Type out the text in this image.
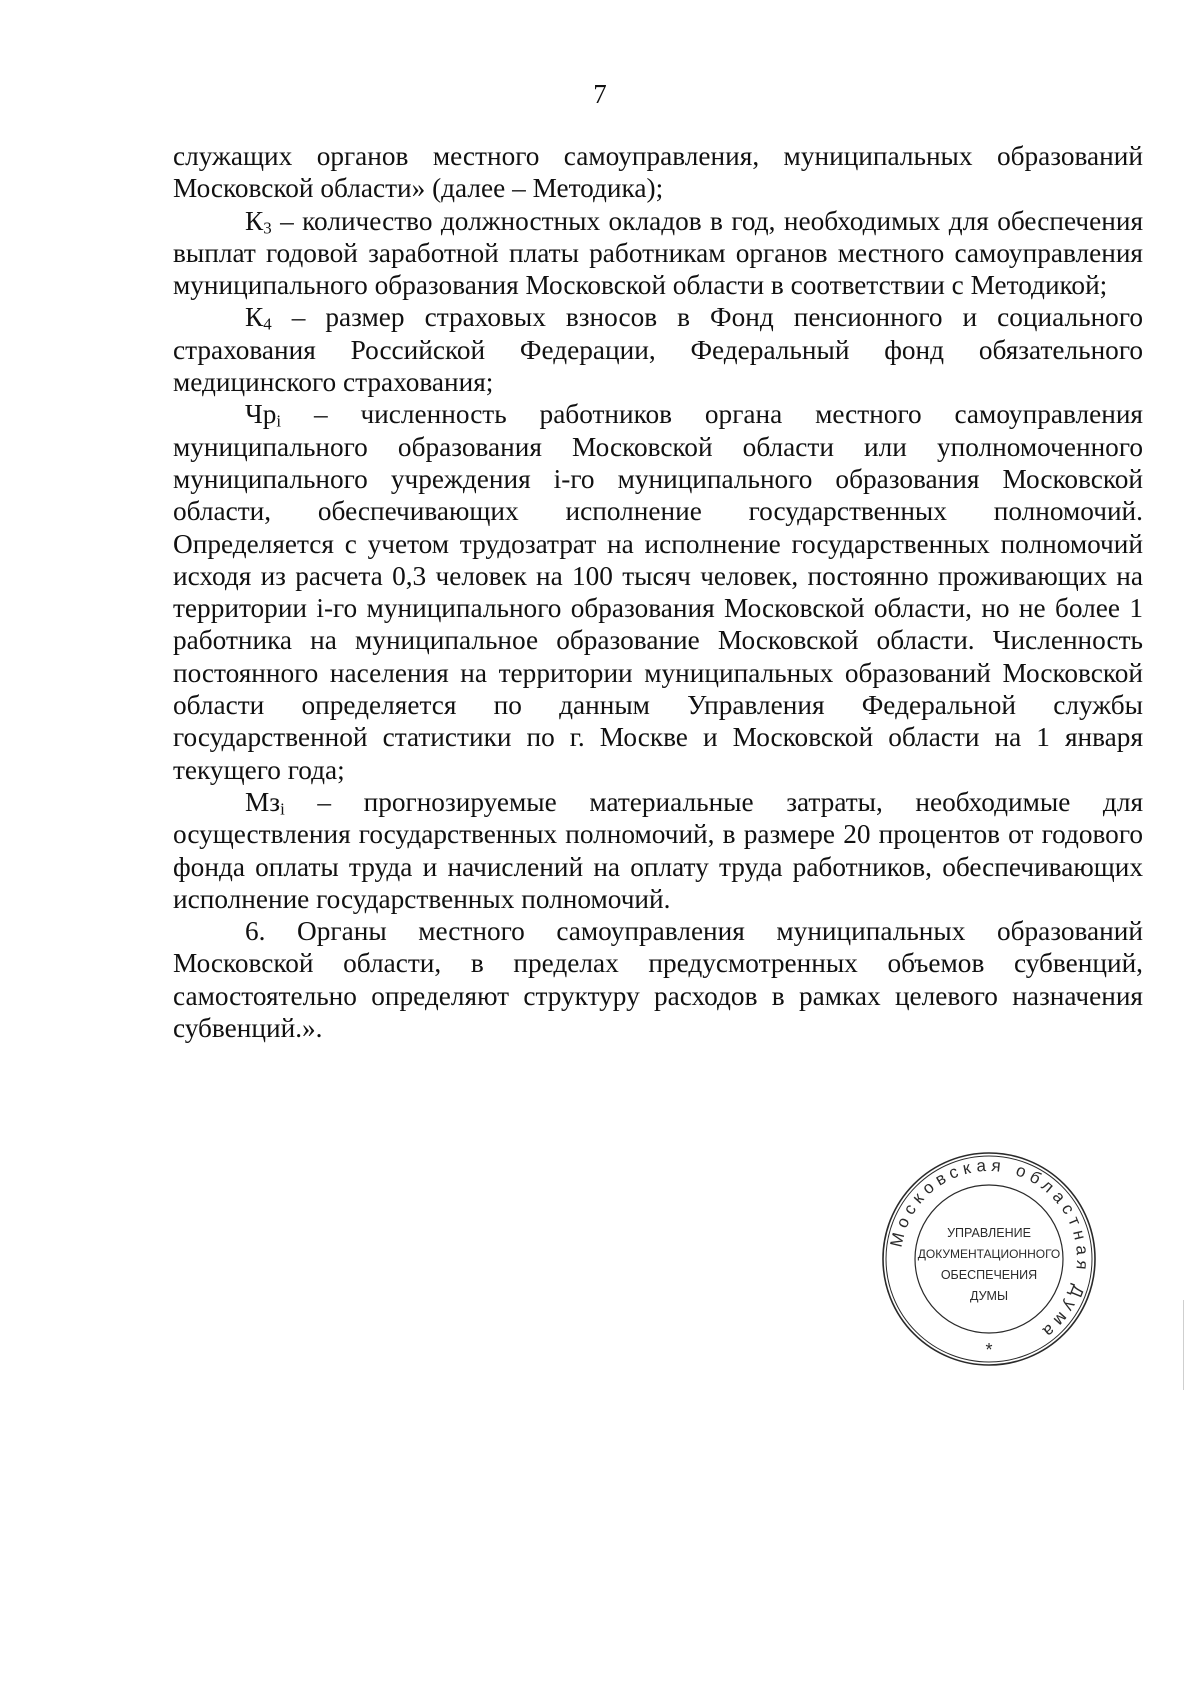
7

служащих органов местного самоуправления, муниципальных образований Московской области» (далее – Методика);

$К_3$ – количество должностных окладов в год, необходимых для обеспечения выплат годовой заработной платы работникам органов местного самоуправления муниципального образования Московской области в соответствии с Методикой;

$К_4$ – размер страховых взносов в Фонд пенсионного и социального страхования Российской Федерации, Федеральный фонд обязательного медицинского страхования;

$Чр_i$ – численность работников органа местного самоуправления муниципального образования Московской области или уполномоченного муниципального учреждения i-го муниципального образования Московской области, обеспечивающих исполнение государственных полномочий. Определяется с учетом трудозатрат на исполнение государственных полномочий исходя из расчета 0,3 человек на 100 тысяч человек, постоянно проживающих на территории i-го муниципального образования Московской области, но не более 1 работника на муниципальное образование Московской области. Численность постоянного населения на территории муниципальных образований Московской области определяется по данным Управления Федеральной службы государственной статистики по г. Москве и Московской области на 1 января текущего года;

$Мз_i$ – прогнозируемые материальные затраты, необходимые для осуществления государственных полномочий, в размере 20 процентов от годового фонда оплаты труда и начислений на оплату труда работников, обеспечивающих исполнение государственных полномочий.

6. Органы местного самоуправления муниципальных образований Московской области, в пределах предусмотренных объемов субвенций, самостоятельно определяют структуру расходов в рамках целевого назначения субвенций.».

Московская областная Дума
УПРАВЛЕНИЕ
ДОКУМЕНТАЦИОННОГО
ОБЕСПЕЧЕНИЯ
ДУМЫ
*
